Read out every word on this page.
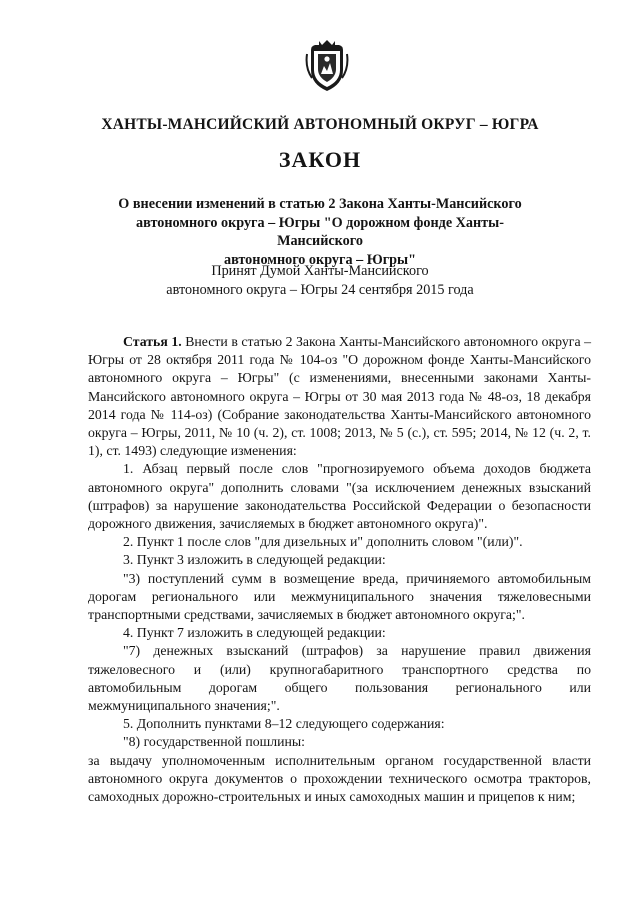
ХАНТЫ-МАНСИЙСКИЙ АВТОНОМНЫЙ ОКРУГ – ЮГРА
ЗАКОН
О внесении изменений в статью 2 Закона Ханты-Мансийского
автономного округа – Югры "О дорожном фонде Ханты-Мансийского
автономного округа – Югры"
Принят Думой Ханты-Мансийского
автономного округа – Югры 24 сентября 2015 года

Статья 1. Внести в статью 2 Закона Ханты-Мансийского автономного округа – Югры от 28 октября 2011 года № 104-оз "О дорожном фонде Ханты-Мансийского автономного округа – Югры" (с изменениями, внесенными законами Ханты-Мансийского автономного округа – Югры от 30 мая 2013 года № 48-оз, 18 декабря 2014 года № 114-оз) (Собрание законодательства Ханты-Мансийского автономного округа – Югры, 2011, № 10 (ч. 2), ст. 1008; 2013, № 5 (с.), ст. 595; 2014, № 12 (ч. 2, т. 1), ст. 1493) следующие изменения:

1. Абзац первый после слов "прогнозируемого объема доходов бюджета автономного округа" дополнить словами "(за исключением денежных взысканий (штрафов) за нарушение законодательства Российской Федерации о безопасности дорожного движения, зачисляемых в бюджет автономного округа)".

2. Пункт 1 после слов "для дизельных и" дополнить словом "(или)".

3. Пункт 3 изложить в следующей редакции:

"3) поступлений сумм в возмещение вреда, причиняемого автомобильным дорогам регионального или межмуниципального значения тяжеловесными транспортными средствами, зачисляемых в бюджет автономного округа;".

4. Пункт 7 изложить в следующей редакции:

"7) денежных взысканий (штрафов) за нарушение правил движения тяжеловесного и (или) крупногабаритного транспортного средства по автомобильным дорогам общего пользования регионального или межмуниципального значения;".

5. Дополнить пунктами 8–12 следующего содержания:

"8) государственной пошлины:

за выдачу уполномоченным исполнительным органом государственной власти автономного округа документов о прохождении технического осмотра тракторов, самоходных дорожно-строительных и иных самоходных машин и прицепов к ним;
